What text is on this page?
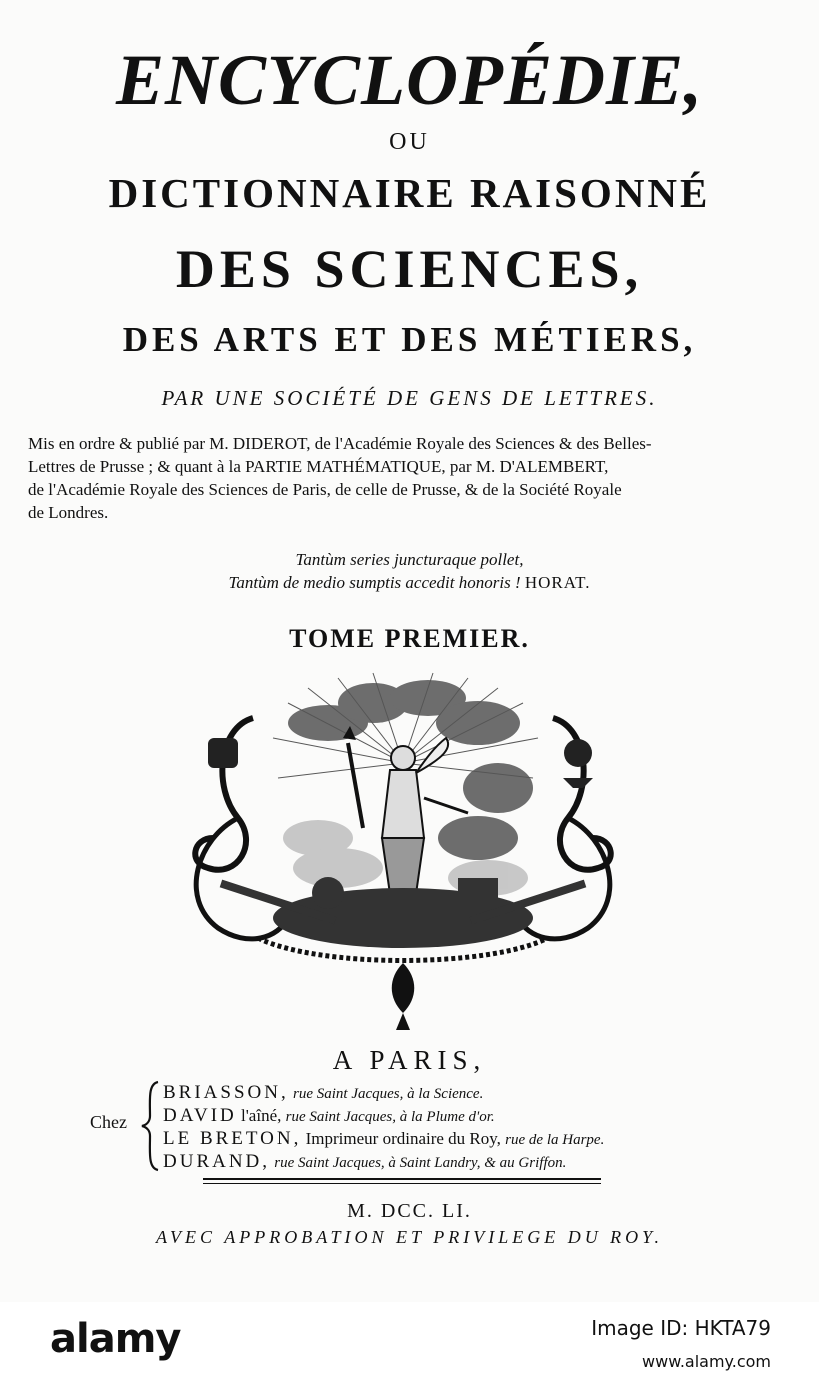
ENCYCLOPÉDIE,
OU
DICTIONNAIRE RAISONNÉ
DES SCIENCES,
DES ARTS ET DES MÉTIERS,
PAR UNE SOCIÉTÉ DE GENS DE LETTRES.
Mis en ordre & publié par M. DIDEROT, de l'Académie Royale des Sciences & des Belles-
Lettres de Prusse ; & quant à la PARTIE MATHÉMATIQUE, par M. D'ALEMBERT,
de l'Académie Royale des Sciences de Paris, de celle de Prusse, & de la Société Royale
de Londres.
Tantùm series juncturaque pollet,
Tantùm de medio sumptis accedit honoris ! HORAT.
TOME PREMIER.
A PARIS,
Chez
BRIASSON, rue Saint Jacques, à la Science.
DAVID l'aîné, rue Saint Jacques, à la Plume d'or.
LE BRETON, Imprimeur ordinaire du Roy, rue de la Harpe.
DURAND, rue Saint Jacques, à Saint Landry, & au Griffon.
M. DCC. LI.
AVEC APPROBATION ET PRIVILEGE DU ROY.
alamy	Image ID: HKTA79
www.alamy.com
